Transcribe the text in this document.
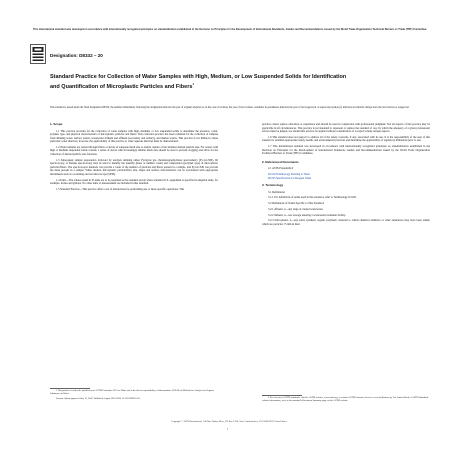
This international standard was developed in accordance with internationally recognized principles on standardization established in the Decision on Principles for the Development of International Standards, Guides and Recommendations issued by the World Trade Organization Technical Barriers to Trade (TBT) Committee.
Designation: D8332 – 20
Standard Practice for Collection of Water Samples with High, Medium, or Low Suspended Solids for Identification and Quantification of Microplastic Particles and Fibers$^1$
This standard is issued under the fixed designation D8332; the number immediately following the designation indicates the year of original adoption or, in the case of revision, the year of last revision. A number in parentheses indicates the year of last reapproval. A superscript epsilon (ε) indicates an editorial change since the last revision or reapproval.
1. Scope

1.1 This practice provides for the collection of water samples with high, medium, or low suspended solids to determine the presence, count, polymer type, and physical characteristics of microplastic particles and fibers. This collection practice has been validated for the collection of samples from drinking water, surface waters, wastewater influent and effluent (secondary and tertiary), and marine waters. This practice is not limited to these particular water matrices; however, the applicability of this practice to other aqueous matrices must be demonstrated.

1.2 Water samples are passed through filters or sieves of adequate mesh size to enable capture of the smallest desired particle size. For waters with high or medium suspended solids content, a series of sieves with increasingly smaller mesh size should be used to prevent clogging and allow for the collection of desired particle size fractions.

1.3 Subsequent sample preparation followed by analysis utilizing either Pyrolysis gas chromatography/mass spectrometry (Py-GC/MS), IR spectroscopy, or Raman spectroscopy may be used to identify the quantity (mass or number count) and composition (polymer type) of microplastic particles/fibers. The spectroscopic methods can provide a count of the number of particles and fibers present in a sample, and Py-GC/MS can provide the mass present in a sample. When desired, microplastic particle/fiber size, shape and surface characteristics can be ascertained with appropriate instruments such as a scanning electron microscope (SEM).

1.4 Units—The values stated in SI units are to be regarded as the standard except where standard U.S. equipment is specified in imperial units, for example, inches and gallons. No other units of measurement are included in this standard.

1.5 Standard Practice—This practice offers a set of instructions for performing one or more specific operations. This

1 This practice is under the jurisdiction of ASTM Committee D19 on Water and is the direct responsibility of Subcommittee D19.06 on Methods for Analysis for Organic Substances in Water.

Current edition approved July 15, 2020. Published August 2020. DOI: 10.1520/D8332-20.

practice cannot replace education or experience and should be used in conjunction with professional judgment. Not all aspects of this practice may be applicable in all circumstances. This practice is not intended to represent or replace the standard of care by which the adequacy of a given professional service must be judged, nor should this practice be applied without consideration of a project's many unique aspects.

1.6 This standard does not purport to address all of the safety concerns, if any, associated with its use. It is the responsibility of the user of this standard to establish appropriate safety, health, and environmental practices and determine the applicability of regulatory limitations prior to use.

1.7 This international standard was developed in accordance with internationally recognized principles on standardization established in the Decision on Principles for the Development of International Standards, Guides and Recommendations issued by the World Trade Organization Technical Barriers to Trade (TBT) Committee.

2. Referenced Documents

2.1 ASTM Standards:2

D1129 Terminology Relating to Water
D1193 Specification for Reagent Water
3. Terminology

3.1 Definitions:

3.1.1 For definitions of terms used in this standard, refer to Terminology D1129.

3.2 Definitions of Terms Specific to This Standard:

3.2.1 effluent, n—any stage of treated wastewater.

3.2.2 influent, n—raw sewage entering a wastewater treatment facility.

3.2.3 microplastic, n—any solid, synthetic organic polymeric material to which chemical additives or other substances may have been added, which are particles <5 mm in their

2 For referenced ASTM standards, visit the ASTM website, www.astm.org, or contact ASTM Customer Service at service@astm.org. For Annual Book of ASTM Standards volume information, refer to the standard's Document Summary page on the ASTM website.

Copyright © ASTM International, 100 Barr Harbor Drive, PO Box C700, West Conshohocken, PA 19428-2959. United States
1
